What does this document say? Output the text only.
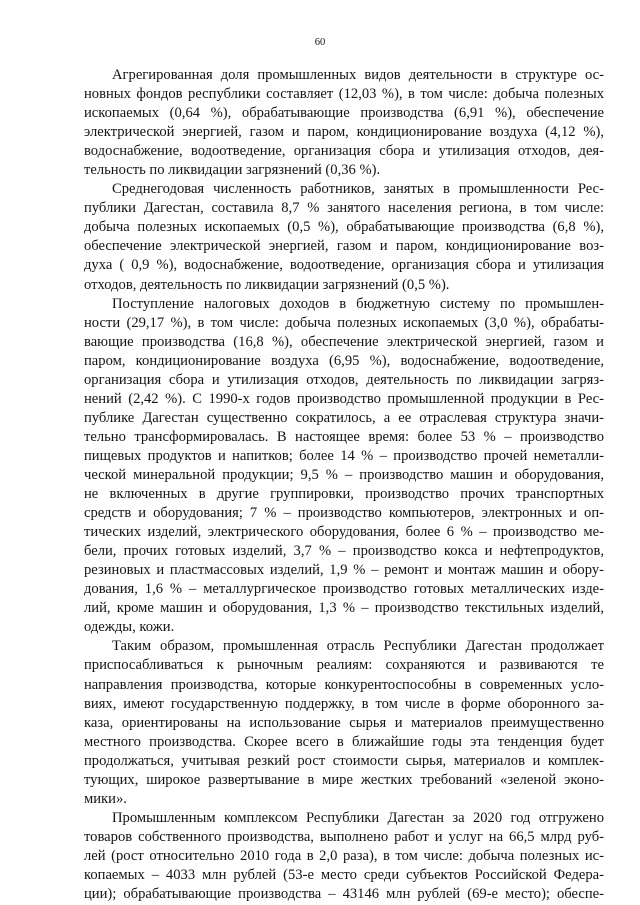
60
Агрегированная доля промышленных видов деятельности в структуре ос-
новных фондов республики составляет (12,03 %), в том числе: добыча полезных
ископаемых (0,64 %), обрабатывающие производства (6,91 %), обеспечение
электрической энергией, газом и паром, кондиционирование воздуха (4,12 %),
водоснабжение, водоотведение, организация сбора и утилизация отходов, дея-
тельность по ликвидации загрязнений (0,36 %).
Среднегодовая численность работников, занятых в промышленности Рес-
публики Дагестан, составила 8,7 % занятого населения региона, в том числе:
добыча полезных ископаемых (0,5 %), обрабатывающие производства (6,8 %),
обеспечение электрической энергией, газом и паром, кондиционирование воз-
духа ( 0,9 %), водоснабжение, водоотведение, организация сбора и утилизация
отходов, деятельность по ликвидации загрязнений (0,5 %).
Поступление налоговых доходов в бюджетную систему по промышлен-
ности (29,17 %), в том числе: добыча полезных ископаемых (3,0 %), обрабаты-
вающие производства (16,8 %), обеспечение электрической энергией, газом и
паром, кондиционирование воздуха (6,95 %), водоснабжение, водоотведение,
организация сбора и утилизация отходов, деятельность по ликвидации загряз-
нений (2,42 %). С 1990-х годов производство промышленной продукции в Рес-
публике Дагестан существенно сократилось, а ее отраслевая структура значи-
тельно трансформировалась. В настоящее время: более 53 % – производство
пищевых продуктов и напитков; более 14 % – производство прочей неметалли-
ческой минеральной продукции; 9,5 % – производство машин и оборудования,
не включенных в другие группировки, производство прочих транспортных
средств и оборудования; 7 % – производство компьютеров, электронных и оп-
тических изделий, электрического оборудования, более 6 % – производство ме-
бели, прочих готовых изделий, 3,7 % – производство кокса и нефтепродуктов,
резиновых и пластмассовых изделий, 1,9 % – ремонт и монтаж машин и обору-
дования, 1,6 % – металлургическое производство готовых металлических изде-
лий, кроме машин и оборудования, 1,3 % – производство текстильных изделий,
одежды, кожи.
Таким образом, промышленная отрасль Республики Дагестан продолжает
приспосабливаться к рыночным реалиям: сохраняются и развиваются те
направления производства, которые конкурентоспособны в современных усло-
виях, имеют государственную поддержку, в том числе в форме оборонного за-
каза, ориентированы на использование сырья и материалов преимущественно
местного производства. Скорее всего в ближайшие годы эта тенденция будет
продолжаться, учитывая резкий рост стоимости сырья, материалов и комплек-
тующих, широкое развертывание в мире жестких требований «зеленой эконо-
мики».
Промышленным комплексом Республики Дагестан за 2020 год отгружено
товаров собственного производства, выполнено работ и услуг на 66,5 млрд руб-
лей (рост относительно 2010 года в 2,0 раза), в том числе: добыча полезных ис-
копаемых – 4033 млн рублей (53-е место среди субъектов Российской Федера-
ции); обрабатывающие производства – 43146 млн рублей (69-е место); обеспе-
